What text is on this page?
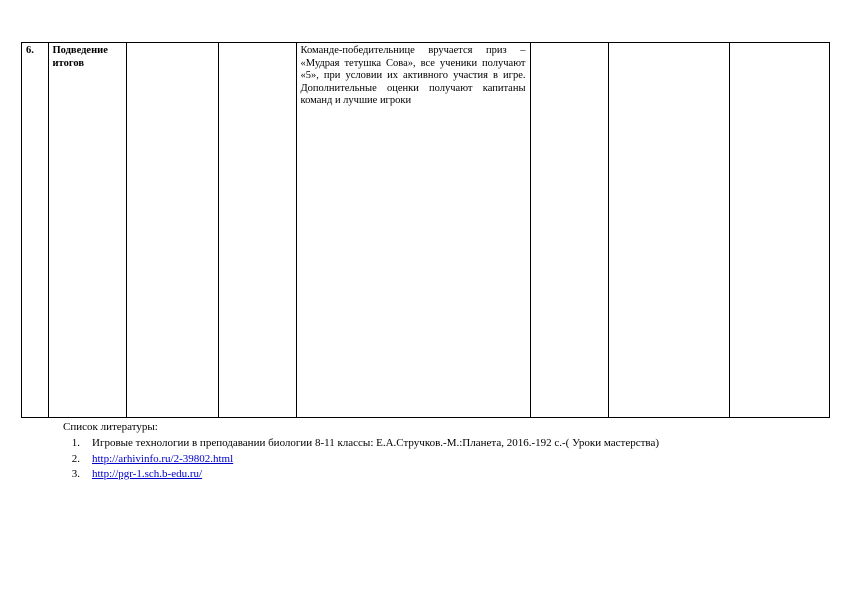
6.	Подведение итогов			Команде-победительнице вручается приз – «Мудрая тетушка Сова», все ученики получают «5», при условии их активного участия в игре. Дополнительные оценки получают капитаны команд и лучшие игроки			
Список литературы:
1.	Игровые технологии в преподавании биологии 8-11 классы: Е.А.Стручков.-М.:Планета, 2016.-192 с.-( Уроки мастерства)
2.	http://arhivinfo.ru/2-39802.html
3.	http://pgr-1.sch.b-edu.ru/
